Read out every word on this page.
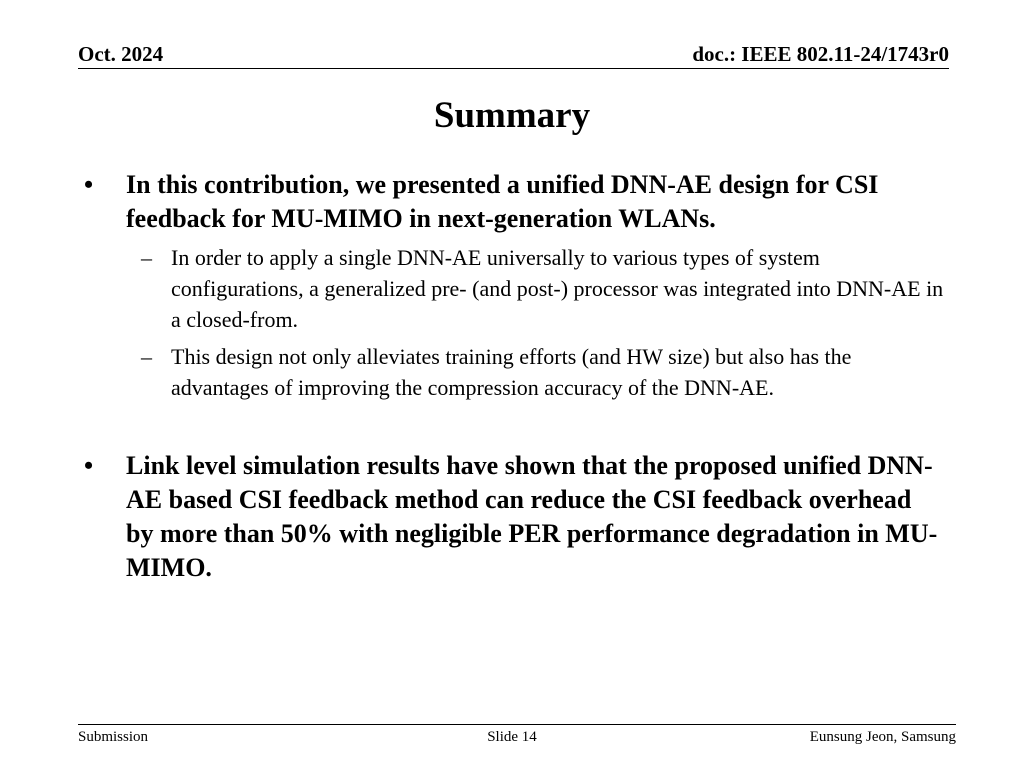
Oct. 2024	doc.: IEEE 802.11-24/1743r0
Summary
• In this contribution, we presented a unified DNN-AE design for CSI feedback for MU-MIMO in next-generation WLANs.
– In order to apply a single DNN-AE universally to various types of system configurations, a generalized pre- (and post-) processor was integrated into DNN-AE in a closed-from.
– This design not only alleviates training efforts (and HW size) but also has the advantages of improving the compression accuracy of the DNN-AE.
• Link level simulation results have shown that the proposed unified DNN-AE based CSI feedback method can reduce the CSI feedback overhead by more than 50% with negligible PER performance degradation in MU-MIMO.
Submission	Slide 14	Eunsung Jeon, Samsung
